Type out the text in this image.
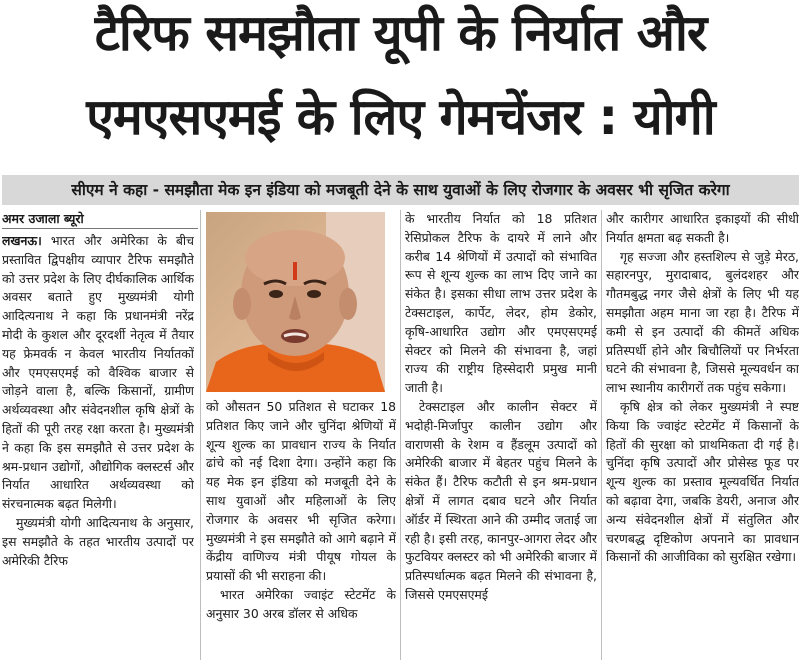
टैरिफ समझौता यूपी के निर्यात और
एमएसएमई के लिए गेमचेंजर : योगी
सीएम ने कहा - समझौता मेक इन इंडिया को मजबूती देने के साथ युवाओं के लिए रोजगार के अवसर भी सृजित करेगा
अमर उजाला ब्यूरो

लखनऊ। भारत और अमेरिका के बीच प्रस्तावित द्विपक्षीय व्यापार टैरिफ समझौते को उत्तर प्रदेश के लिए दीर्घकालिक आर्थिक अवसर बताते हुए मुख्यमंत्री योगी आदित्यनाथ ने कहा कि प्रधानमंत्री नरेंद्र मोदी के कुशल और दूरदर्शी नेतृत्व में तैयार यह फ्रेमवर्क न केवल भारतीय निर्यातकों और एमएसएमई को वैश्विक बाजार से जोड़ने वाला है, बल्कि किसानों, ग्रामीण अर्थव्यवस्था और संवेदनशील कृषि क्षेत्रों के हितों की पूरी तरह रक्षा करता है। मुख्यमंत्री ने कहा कि इस समझौते से उत्तर प्रदेश के श्रम-प्रधान उद्योगों, औद्योगिक क्लस्टर्स और निर्यात आधारित अर्थव्यवस्था को संरचनात्मक बढ़त मिलेगी।

मुख्यमंत्री योगी आदित्यनाथ के अनुसार, इस समझौते के तहत भारतीय उत्पादों पर अमेरिकी टैरिफ

को औसतन 50 प्रतिशत से घटाकर 18 प्रतिशत किए जाने और चुनिंदा श्रेणियों में शून्य शुल्क का प्रावधान राज्य के निर्यात ढांचे को नई दिशा देगा। उन्होंने कहा कि यह मेक इन इंडिया को मजबूती देने के साथ युवाओं और महिलाओं के लिए रोजगार के अवसर भी सृजित करेगा। मुख्यमंत्री ने इस समझौते को आगे बढ़ाने में केंद्रीय वाणिज्य मंत्री पीयूष गोयल के प्रयासों की भी सराहना की।

भारत अमेरिका ज्वाइंट स्टेटमेंट के अनुसार 30 अरब डॉलर से अधिक

के भारतीय निर्यात को 18 प्रतिशत रेसिप्रोकल टैरिफ के दायरे में लाने और करीब 14 श्रेणियों में उत्पादों को संभावित रूप से शून्य शुल्क का लाभ दिए जाने का संकेत है। इसका सीधा लाभ उत्तर प्रदेश के टेक्सटाइल, कार्पेट, लेदर, होम डेकोर, कृषि-आधारित उद्योग और एमएसएमई सेक्टर को मिलने की संभावना है, जहां राज्य की राष्ट्रीय हिस्सेदारी प्रमुख मानी जाती है।

टेक्सटाइल और कालीन सेक्टर में भदोही-मिर्जापुर कालीन उद्योग और वाराणसी के रेशम व हैंडलूम उत्पादों को अमेरिकी बाजार में बेहतर पहुंच मिलने के संकेत हैं। टैरिफ कटौती से इन श्रम-प्रधान क्षेत्रों में लागत दबाव घटने और निर्यात ऑर्डर में स्थिरता आने की उम्मीद जताई जा रही है। इसी तरह, कानपुर-आगरा लेदर और फुटवियर क्लस्टर को भी अमेरिकी बाजार में प्रतिस्पर्धात्मक बढ़त मिलने की संभावना है, जिससे एमएसएमई

और कारीगर आधारित इकाइयों की सीधी निर्यात क्षमता बढ़ सकती है।

गृह सज्जा और हस्तशिल्प से जुड़े मेरठ, सहारनपुर, मुरादाबाद, बुलंदशहर और गौतमबुद्ध नगर जैसे क्षेत्रों के लिए भी यह समझौता अहम माना जा रहा है। टैरिफ में कमी से इन उत्पादों की कीमतें अधिक प्रतिस्पर्धी होने और बिचौलियों पर निर्भरता घटने की संभावना है, जिससे मूल्यवर्धन का लाभ स्थानीय कारीगरों तक पहुंच सकेगा।

कृषि क्षेत्र को लेकर मुख्यमंत्री ने स्पष्ट किया कि ज्वाइंट स्टेटमेंट में किसानों के हितों की सुरक्षा को प्राथमिकता दी गई है। चुनिंदा कृषि उत्पादों और प्रोसेस्ड फूड पर शून्य शुल्क का प्रस्ताव मूल्यवर्धित निर्यात को बढ़ावा देगा, जबकि डेयरी, अनाज और अन्य संवेदनशील क्षेत्रों में संतुलित और चरणबद्ध दृष्टिकोण अपनाने का प्रावधान किसानों की आजीविका को सुरक्षित रखेगा।
